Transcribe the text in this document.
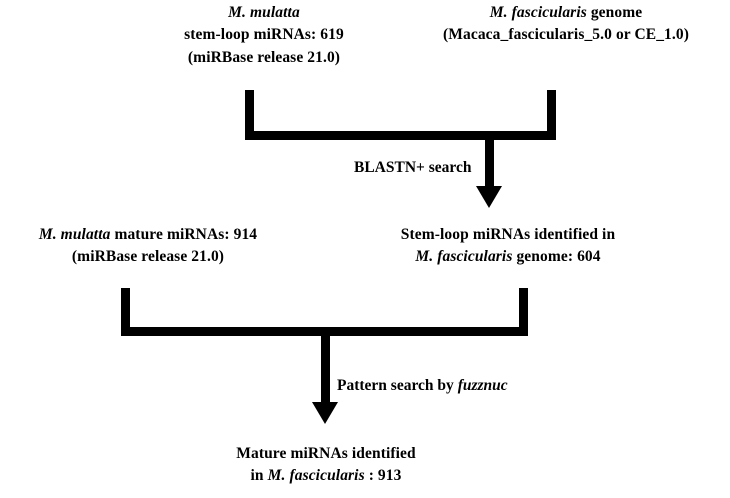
M. mulatta
stem-loop miRNAs: 619
(miRBase release 21.0)
M. fascicularis genome
(Macaca_fascicularis_5.0 or CE_1.0)
BLASTN+ search
M. mulatta mature miRNAs: 914
(miRBase release 21.0)
Stem-loop miRNAs identified in
M. fascicularis genome: 604
Pattern search by fuzznuc
Mature miRNAs identified
in M. fascicularis : 913
